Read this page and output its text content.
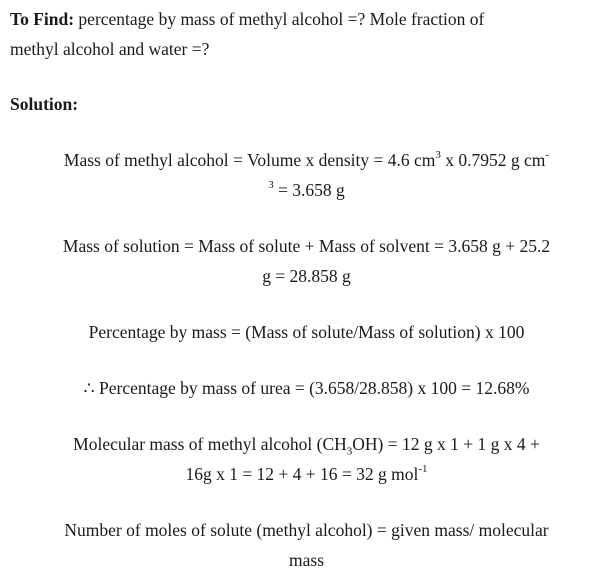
To Find: percentage by mass of methyl alcohol =? Mole fraction of
methyl alcohol and water =?

Solution:

Mass of methyl alcohol = Volume x density = 4.6 $cm^3$ x 0.7952 g cm-
$^3$ = 3.658 g

Mass of solution = Mass of solute + Mass of solvent = 3.658 g + 25.2
g = 28.858 g

Percentage by mass = (Mass of solute/Mass of solution) x 100

∴ Percentage by mass of urea = (3.658/28.858) x 100 = 12.68%

Molecular mass of methyl alcohol $(CH_3OH) = 12$ g x 1 + 1 g x 4 +
16g x 1 = 12 + 4 + 16 = 32 g mol$^{-1}$

Number of moles of solute (methyl alcohol) = given mass/ molecular
mass
